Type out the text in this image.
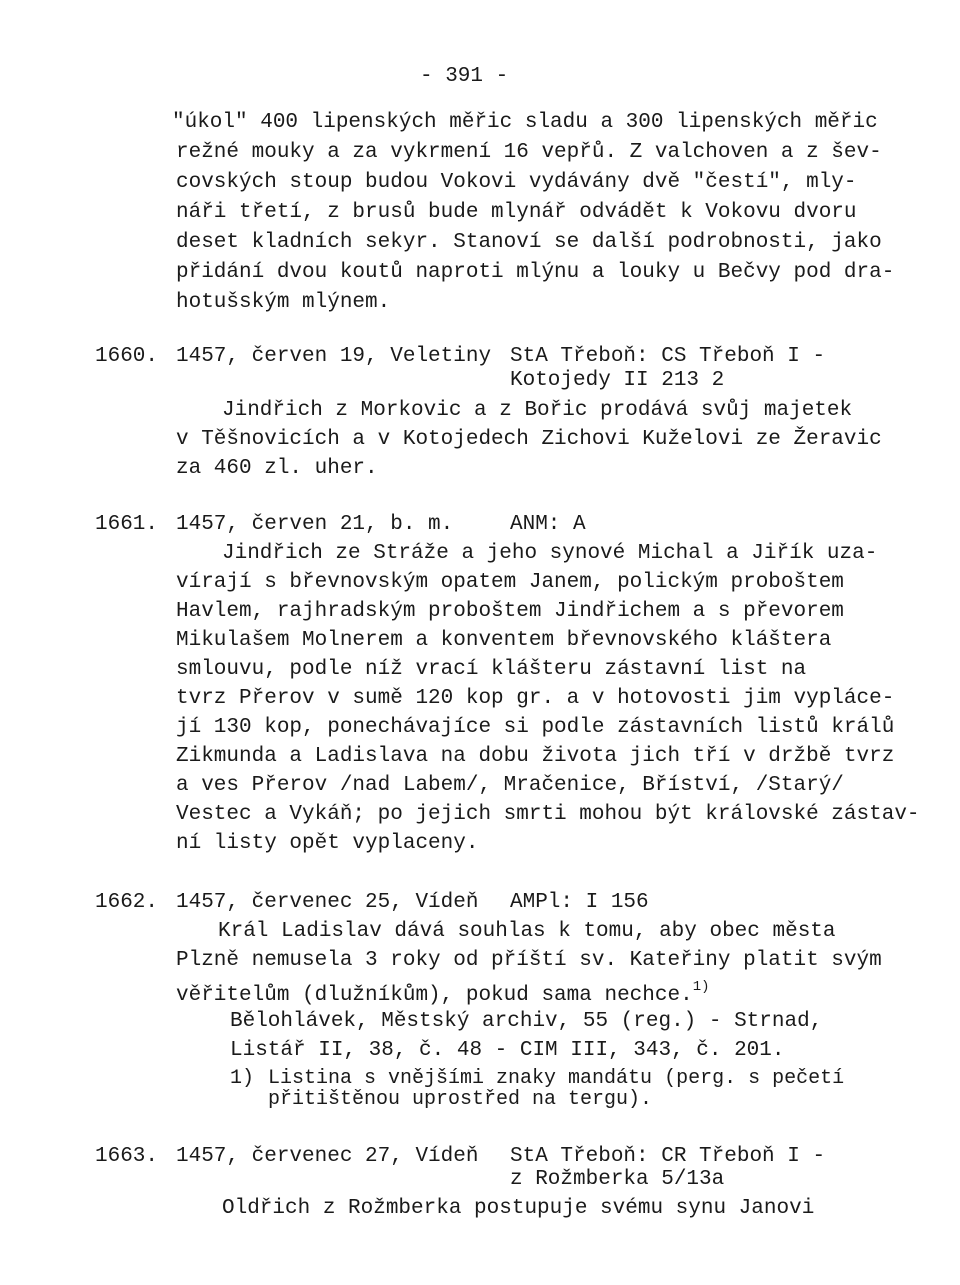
- 391 -
"úkol" 400 lipenských měřic sladu a 300 lipenských měřic
režné mouky a za vykrmení 16 vepřů. Z valchoven a z šev-
covských stoup budou Vokovi vydávány dvě "čestí", mly-
náři třetí, z brusů bude mlynář odvádět k Vokovu dvoru
deset kladních sekyr. Stanoví se další podrobnosti, jako
přidání dvou koutů naproti mlýnu a louky u Bečvy pod dra-
hotušským mlýnem.
1660. 1457, červen 19, Veletiny StA Třeboň: CS Třeboň I -
Kotojedy II 213 2
Jindřich z Morkovic a z Bořic prodává svůj majetek
v Těšnovicích a v Kotojedech Zichovi Kuželovi ze Žeravic
za 460 zl. uher.
1661. 1457, červen 21, b. m.	ANM: A
Jindřich ze Stráže a jeho synové Michal a Jiřík uza-
vírají s břevnovským opatem Janem, polickým proboštem
Havlem, rajhradským proboštem Jindřichem a s převorem
Mikulašem Molnerem a konventem břevnovského kláštera
smlouvu, podle níž vrací klášteru zástavní list na
tvrz Přerov v sumě 120 kop gr. a v hotovosti jim vypláce-
jí 130 kop, ponechávajíce si podle zástavních listů králů
Zikmunda a Ladislava na dobu života jich tří v držbě tvrz
a ves Přerov /nad Labem/, Mračenice, Bříství, /Starý/
Vestec a Vykáň; po jejich smrti mohou být královské zástav-
ní listy opět vyplaceny.
1662. 1457, červenec 25, Vídeň AMPl: I 156
Král Ladislav dává souhlas k tomu, aby obec města
Plzně nemusela 3 roky od příští sv. Kateřiny platit svým
věřitelům (dlužníkům), pokud sama nechce.$^{1)}$
Bělohlávek, Městský archiv, 55 (reg.) - Strnad,
Listář II, 38, č. 48 - CIM III, 343, č. 201.
1) Listina s vnějšími znaky mandátu (perg. s pečetí
přitištěnou uprostřed na tergu).
1663. 1457, červenec 27, Vídeň StA Třeboň: CR Třeboň I -
z Rožmberka 5/13a
Oldřich z Rožmberka postupuje svému synu Janovi
